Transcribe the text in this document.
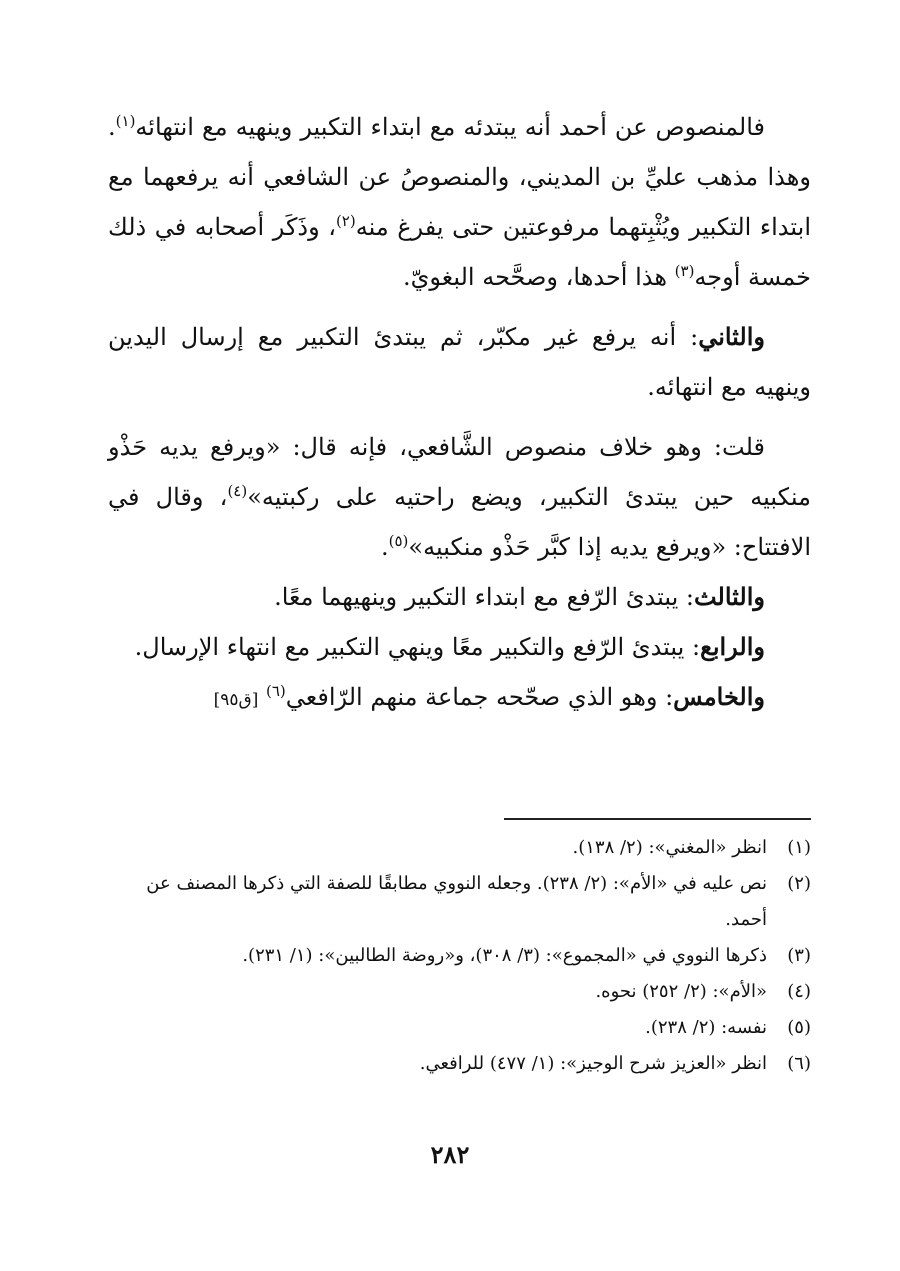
فالمنصوص عن أحمد أنه يبتدئه مع ابتداء التكبير وينهيه مع انتهائه$^{(١)}$. وهذا مذهب عليِّ بن المديني، والمنصوصُ عن الشافعي أنه يرفعهما مع ابتداء التكبير ويُثْبِتهما مرفوعتين حتى يفرغ منه$^{(٢)}$، وذَكَر أصحابه في ذلك خمسة أوجه$^{(٣)}$ هذا أحدها، وصحَّحه البغويّ.

والثاني: أنه يرفع غير مكبّر، ثم يبتدئ التكبير مع إرسال اليدين وينهيه مع انتهائه.

قلت: وهو خلاف منصوص الشَّافعي، فإنه قال: «ويرفع يديه حَذْو منكبيه حين يبتدئ التكبير، ويضع راحتيه على ركبتيه»$^{(٤)}$، وقال في الافتتاح: «ويرفع يديه إذا كبَّر حَذْو منكبيه»$^{(٥)}$.

والثالث: يبتدئ الرّفع مع ابتداء التكبير وينهيهما معًا.

والرابع: يبتدئ الرّفع والتكبير معًا وينهي التكبير مع انتهاء الإرسال.

والخامس: وهو الذي صحّحه جماعة منهم الرّافعي$^{(٦)}$ [ق٩٥]

(١)
انظر «المغني»: (٢/ ١٣٨).
(٢)
نص عليه في «الأم»: (٢/ ٢٣٨). وجعله النووي مطابقًا للصفة التي ذكرها المصنف عن أحمد.
(٣)
ذكرها النووي في «المجموع»: (٣/ ٣٠٨)، و«روضة الطالبين»: (١/ ٢٣١).
(٤)
«الأم»: (٢/ ٢٥٢) نحوه.
(٥)
نفسه: (٢/ ٢٣٨).
(٦)
انظر «العزيز شرح الوجيز»: (١/ ٤٧٧) للرافعي.
٢٨٢
